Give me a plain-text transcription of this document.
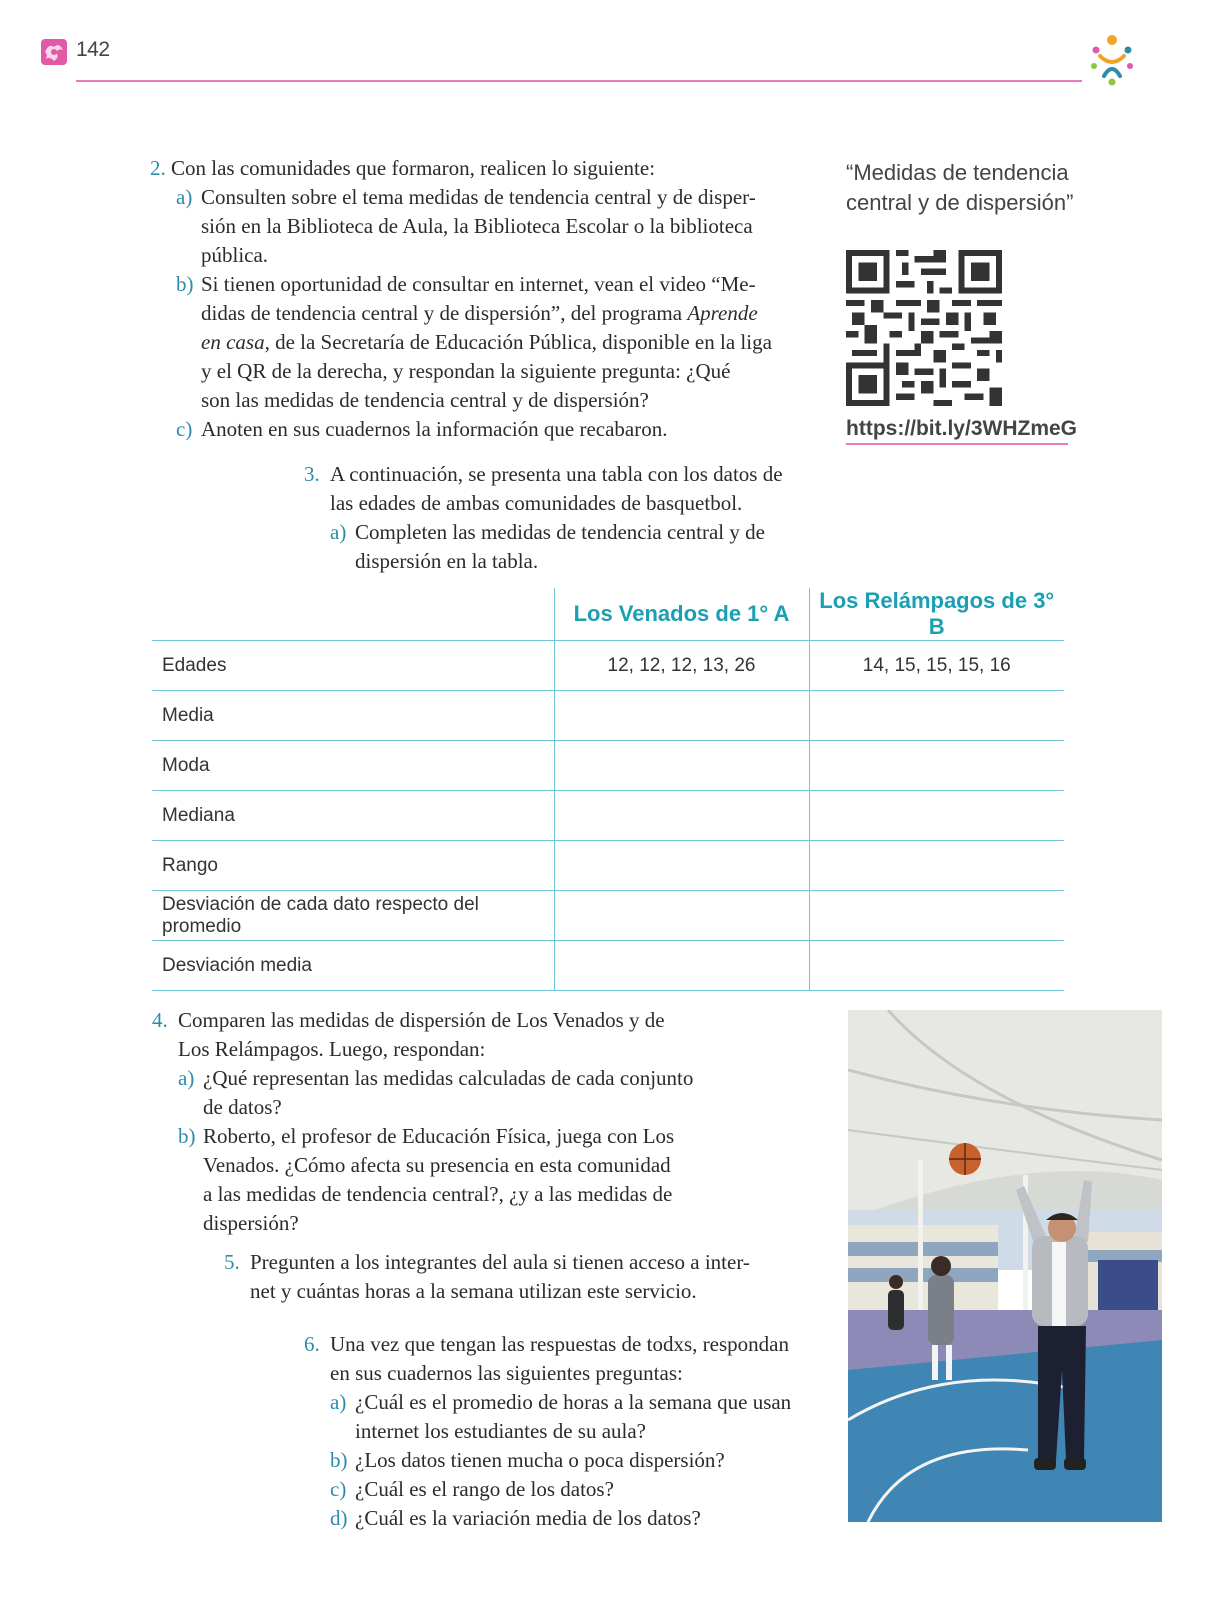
142
2. Con las comunidades que formaron, realicen lo siguiente:
a) Consulten sobre el tema medidas de tendencia central y de disper-
sión en la Biblioteca de Aula, la Biblioteca Escolar o la biblioteca
pública.
b) Si tienen oportunidad de consultar en internet, vean el video “Me-
didas de tendencia central y de dispersión”, del programa Aprende
en casa, de la Secretaría de Educación Pública, disponible en la liga
y el QR de la derecha, y respondan la siguiente pregunta: ¿Qué
son las medidas de tendencia central y de dispersión?
c) Anoten en sus cuadernos la información que recabaron.
“Medidas de tendencia
central y de dispersión”
https://bit.ly/3WHZmeG
3. A continuación, se presenta una tabla con los datos de
las edades de ambas comunidades de basquetbol.
a) Completen las medidas de tendencia central y de
dispersión en la tabla.
	Los Venados de 1° A	Los Relámpagos de 3° B
Edades	12, 12, 12, 13, 26	14, 15, 15, 15, 16
Media		
Moda		
Mediana		
Rango		
Desviación de cada dato respecto del promedio		
Desviación media		
4. Comparen las medidas de dispersión de Los Venados y de
Los Relámpagos. Luego, respondan:
a) ¿Qué representan las medidas calculadas de cada conjunto
de datos?
b) Roberto, el profesor de Educación Física, juega con Los
Venados. ¿Cómo afecta su presencia en esta comunidad
a las medidas de tendencia central?, ¿y a las medidas de
dispersión?
5. Pregunten a los integrantes del aula si tienen acceso a inter-
net y cuántas horas a la semana utilizan este servicio.
6. Una vez que tengan las respuestas de todxs, respondan
en sus cuadernos las siguientes preguntas:
a) ¿Cuál es el promedio de horas a la semana que usan
internet los estudiantes de su aula?
b) ¿Los datos tienen mucha o poca dispersión?
c) ¿Cuál es el rango de los datos?
d) ¿Cuál es la variación media de los datos?
